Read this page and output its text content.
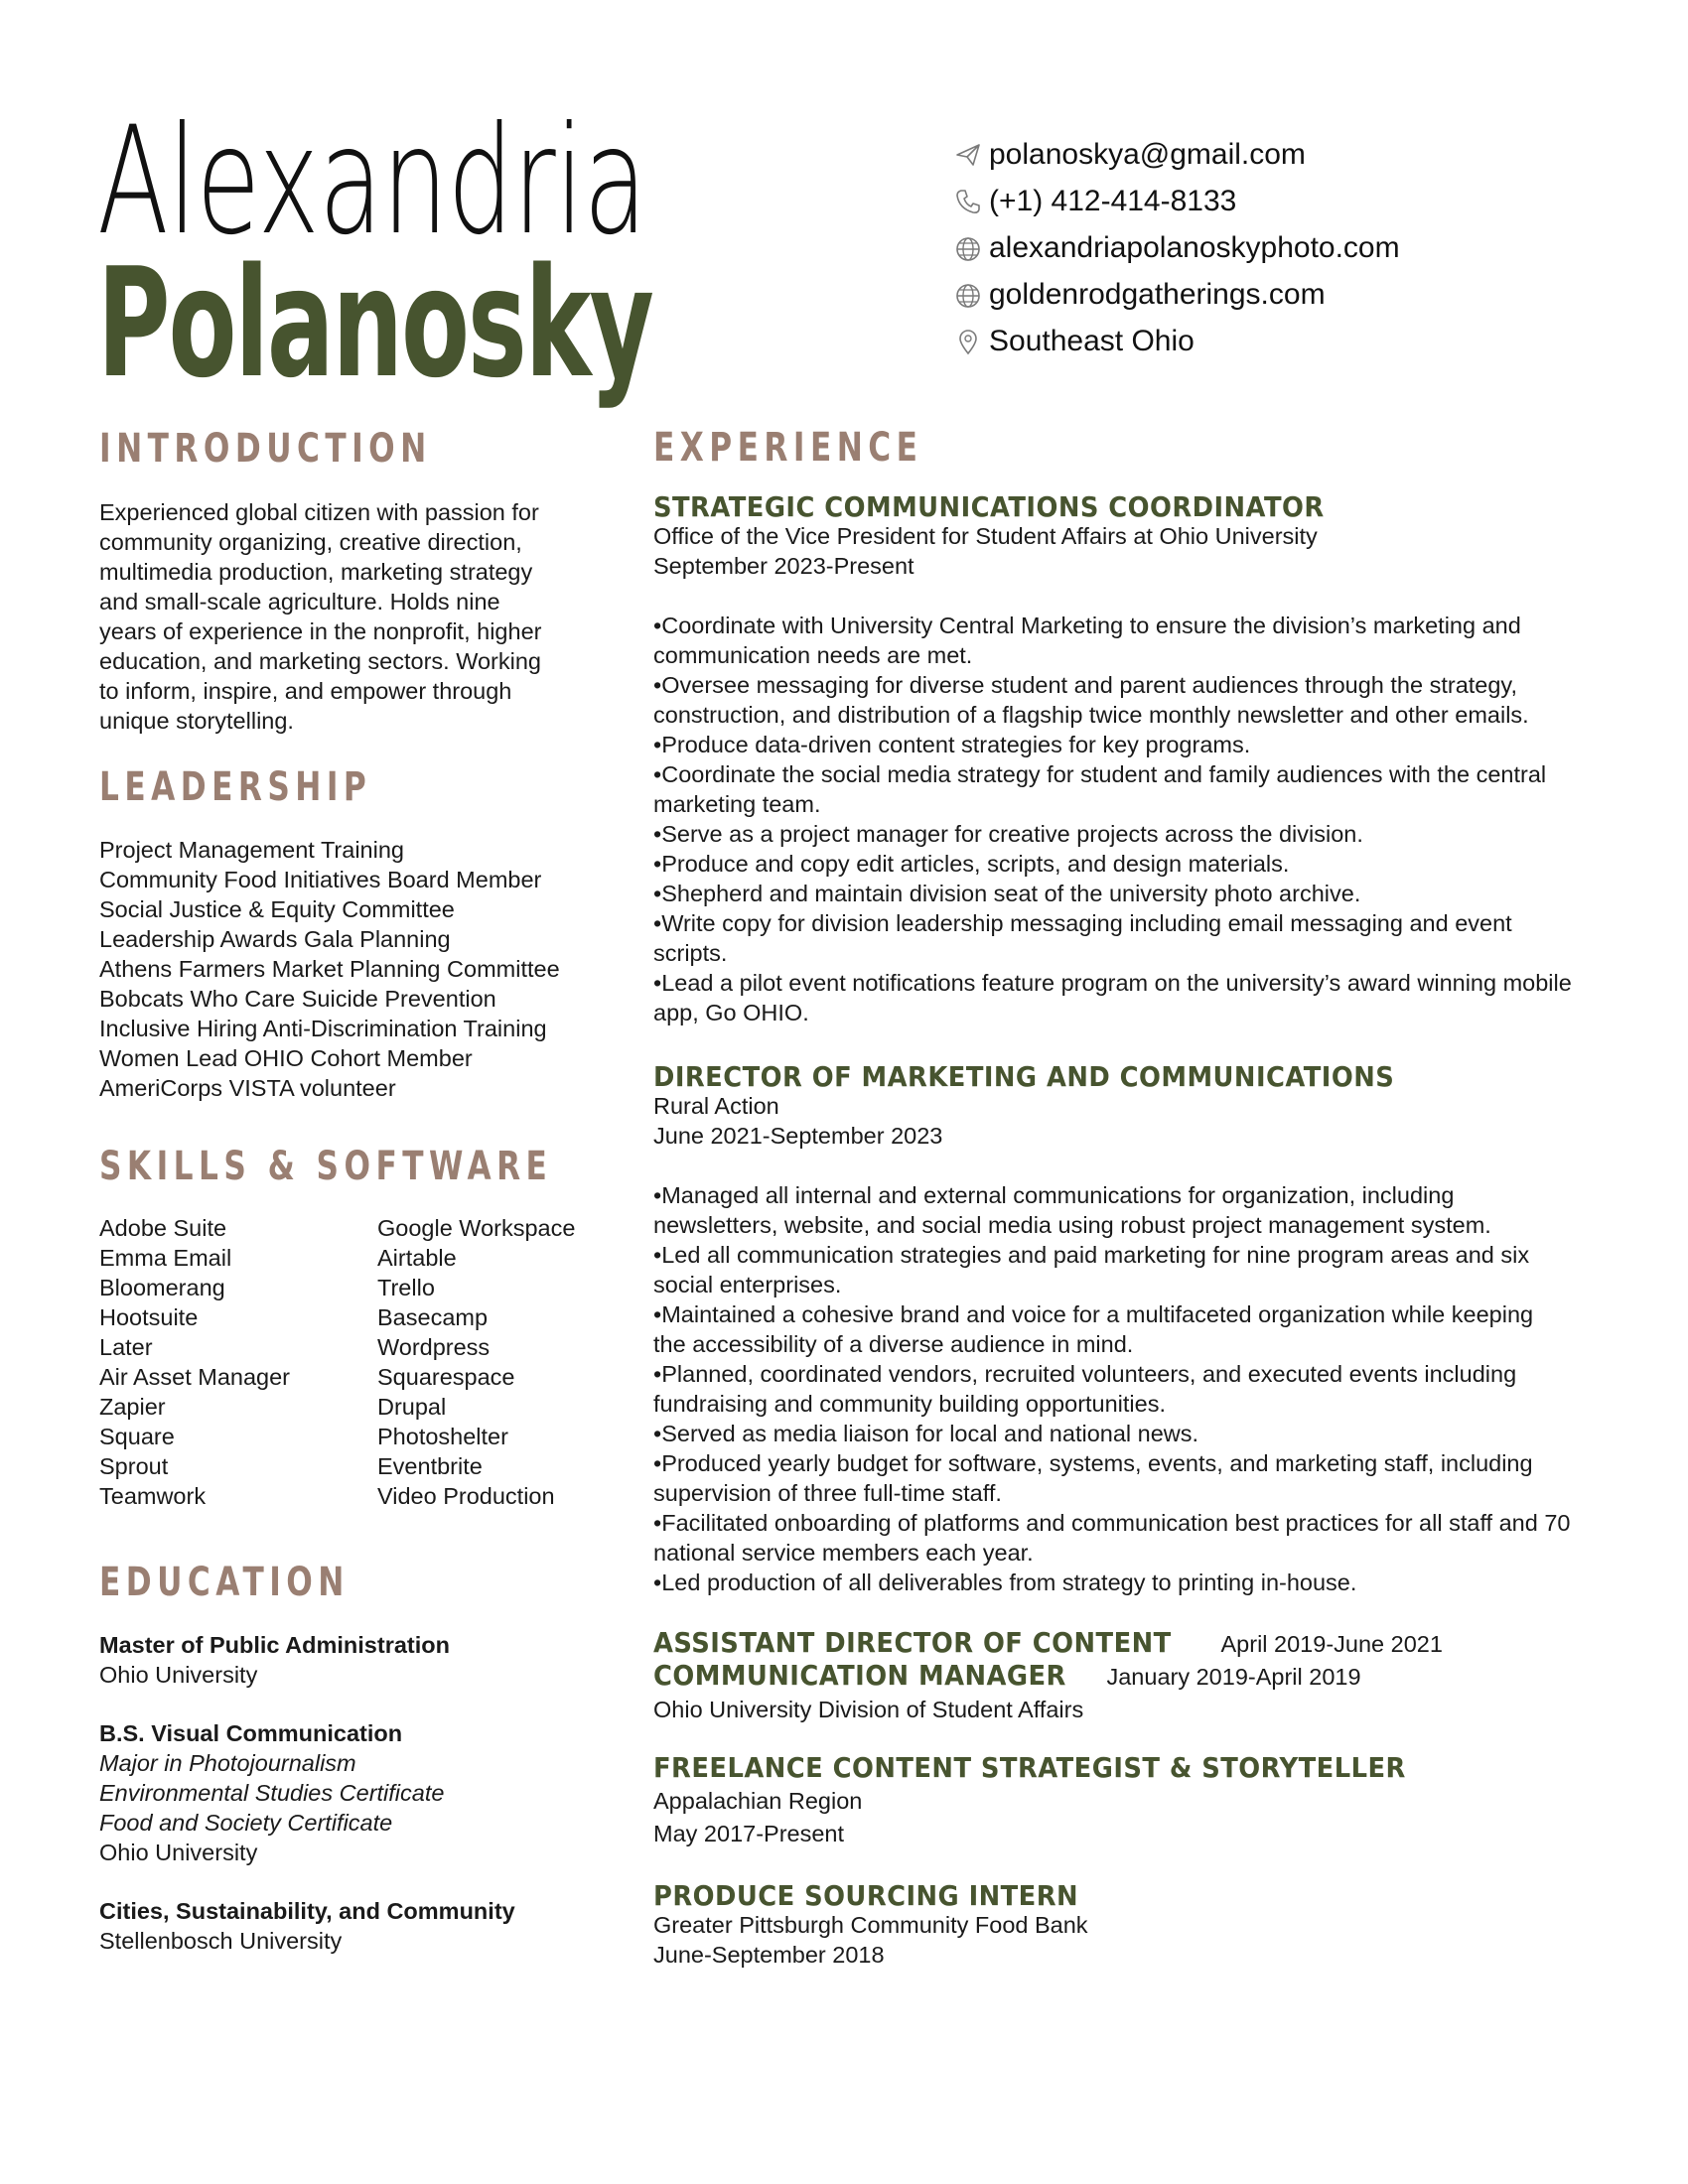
Alexandria
Polanosky
polanoskya@gmail.com
(+1) 412-414-8133
alexandriapolanoskyphoto.com
goldenrodgatherings.com
Southeast Ohio
INTRODUCTION
Experienced global citizen with passion for
community organizing, creative direction,
multimedia production, marketing strategy
and small-scale agriculture. Holds nine
years of experience in the nonprofit, higher
education, and marketing sectors. Working
to inform, inspire, and empower through
unique storytelling.
LEADERSHIP
Project Management Training
Community Food Initiatives Board Member
Social Justice & Equity Committee
Leadership Awards Gala Planning
Athens Farmers Market Planning Committee
Bobcats Who Care Suicide Prevention
Inclusive Hiring Anti-Discrimination Training
Women Lead OHIO Cohort Member
AmeriCorps VISTA volunteer
SKILLS & SOFTWARE
Adobe Suite
Emma Email
Bloomerang
Hootsuite
Later
Air Asset Manager
Zapier
Square
Sprout
Teamwork
Google Workspace
Airtable
Trello
Basecamp
Wordpress
Squarespace
Drupal
Photoshelter
Eventbrite
Video Production
EDUCATION
Master of Public Administration
Ohio University
B.S. Visual Communication
Major in Photojournalism
Environmental Studies Certificate
Food and Society Certificate
Ohio University
Cities, Sustainability, and Community
Stellenbosch University
EXPERIENCE
STRATEGIC COMMUNICATIONS COORDINATOR
Office of the Vice President for Student Affairs at Ohio University
September 2023-Present
•Coordinate with University Central Marketing to ensure the division’s marketing and
communication needs are met.
•Oversee messaging for diverse student and parent audiences through the strategy,
construction, and distribution of a flagship twice monthly newsletter and other emails.
•Produce data-driven content strategies for key programs.
•Coordinate the social media strategy for student and family audiences with the central
marketing team.
•Serve as a project manager for creative projects across the division.
•Produce and copy edit articles, scripts, and design materials.
•Shepherd and maintain division seat of the university photo archive.
•Write copy for division leadership messaging including email messaging and event
scripts.
•Lead a pilot event notifications feature program on the university’s award winning mobile
app, Go OHIO.
DIRECTOR OF MARKETING AND COMMUNICATIONS
Rural Action
June 2021-September 2023
•Managed all internal and external communications for organization, including
newsletters, website, and social media using robust project management system.
•Led all communication strategies and paid marketing for nine program areas and six
social enterprises.
•Maintained a cohesive brand and voice for a multifaceted organization while keeping
the accessibility of a diverse audience in mind.
•Planned, coordinated vendors, recruited volunteers, and executed events including
fundraising and community building opportunities.
•Served as media liaison for local and national news.
•Produced yearly budget for software, systems, events, and marketing staff, including
supervision of three full-time staff.
•Facilitated onboarding of platforms and communication best practices for all staff and 70
national service members each year.
•Led production of all deliverables from strategy to printing in-house.
ASSISTANT DIRECTOR OF CONTENT April 2019-June 2021
COMMUNICATION MANAGER January 2019-April 2019
Ohio University Division of Student Affairs
FREELANCE CONTENT STRATEGIST & STORYTELLER
Appalachian Region
May 2017-Present
PRODUCE SOURCING INTERN
Greater Pittsburgh Community Food Bank
June-September 2018
